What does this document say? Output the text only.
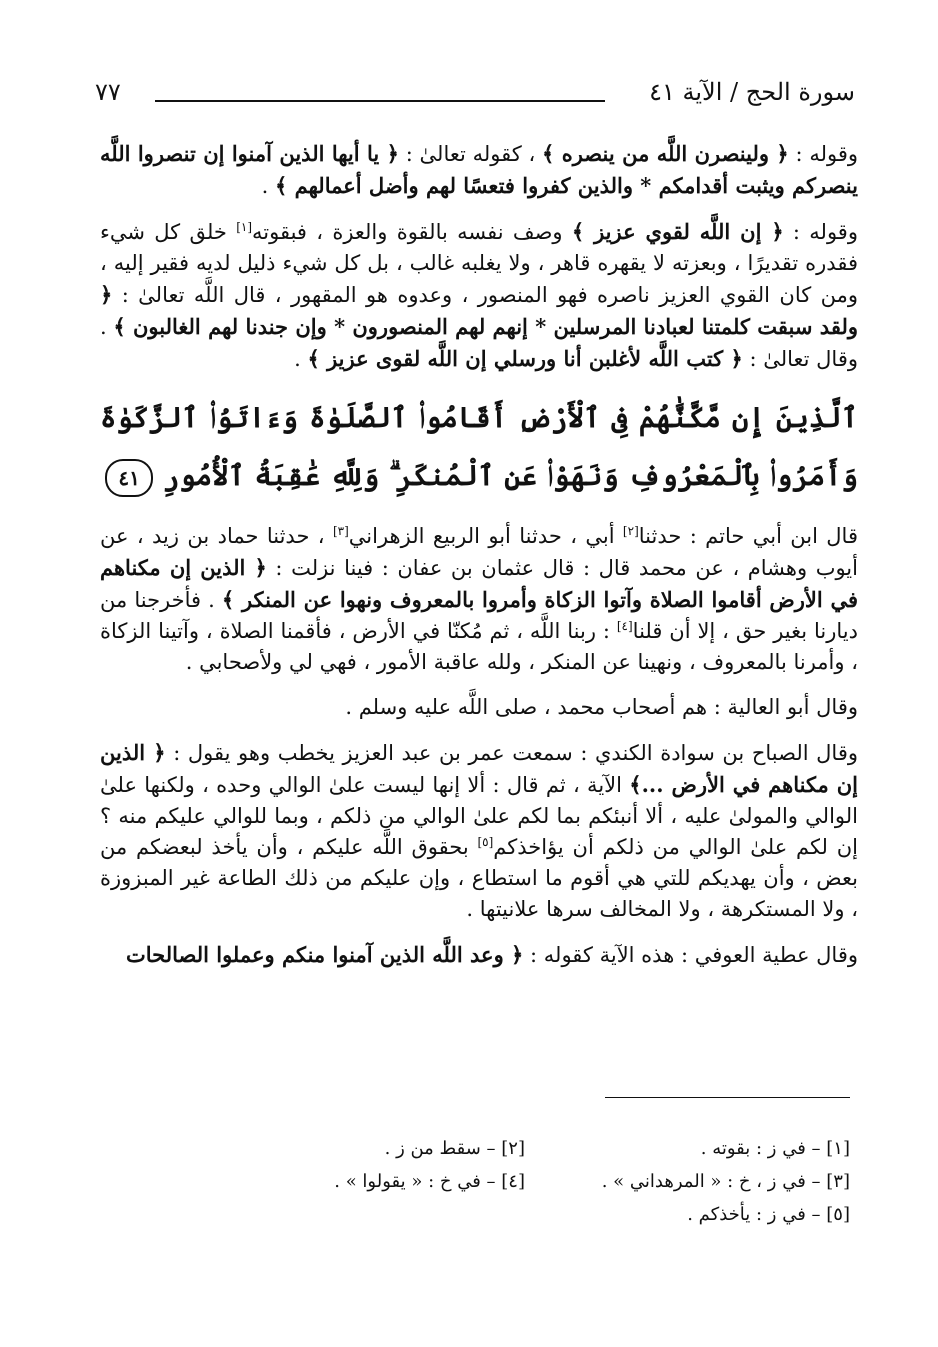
سورة الحج / الآية ٤١
٧٧

وقوله : ﴿ ولينصرن اللَّه من ينصره ﴾ ، كقوله تعالىٰ : ﴿ يا أيها الذين آمنوا إن تنصروا اللَّه ينصركم ويثبت أقدامكم * والذين كفروا فتعسًا لهم وأضل أعمالهم ﴾ .

وقوله : ﴿ إن اللَّه لقوي عزيز ﴾ وصف نفسه بالقوة والعزة ، فبقوته[١] خلق كل شيء فقدره تقديرًا ، وبعزته لا يقهره قاهر ، ولا يغلبه غالب ، بل كل شيء ذليل لديه فقير إليه ، ومن كان القوي العزيز ناصره فهو المنصور ، وعدوه هو المقهور ، قال اللَّه تعالىٰ : ﴿ ولقد سبقت كلمتنا لعبادنا المرسلين * إنهم لهم المنصورون * وإن جندنا لهم الغالبون ﴾ . وقال تعالىٰ : ﴿ كتب اللَّه لأغلبن أنا ورسلي إن اللَّه لقوى عزيز ﴾ .

ٱلَّذِينَ إِن مَّكَّنَّٰهُمْ فِى ٱلْأَرْضِ أَقَامُوا۟ ٱلصَّلَوٰةَ وَءَاتَوُا۟ ٱلزَّكَوٰةَ وَأَمَرُوا۟ بِٱلْمَعْرُوفِ وَنَهَوْا۟ عَنِ ٱلْمُنكَرِ ۗ وَلِلَّهِ عَٰقِبَةُ ٱلْأُمُورِ ٤١

قال ابن أبي حاتم : حدثنا[٢] أبي ، حدثنا أبو الربيع الزهراني[٣] ، حدثنا حماد بن زيد ، عن أيوب وهشام ، عن محمد قال : قال عثمان بن عفان : فينا نزلت : ﴿ الذين إن مكناهم في الأرض أقاموا الصلاة وآتوا الزكاة وأمروا بالمعروف ونهوا عن المنكر ﴾ . فأخرجنا من ديارنا بغير حق ، إلا أن قلنا[٤] : ربنا اللَّه ، ثم مُكنّا في الأرض ، فأقمنا الصلاة ، وآتينا الزكاة ، وأمرنا بالمعروف ، ونهينا عن المنكر ، ولله عاقبة الأمور ، فهي لي ولأصحابي .

وقال أبو العالية : هم أصحاب محمد ، صلى اللَّه عليه وسلم .

وقال الصباح بن سوادة الكندي : سمعت عمر بن عبد العزيز يخطب وهو يقول : ﴿ الذين إن مكناهم في الأرض ...﴾ الآية ، ثم قال : ألا إنها ليست علىٰ الوالي وحده ، ولكنها علىٰ الوالي والمولىٰ عليه ، ألا أنبئكم بما لكم علىٰ الوالي من ذلكم ، وبما للوالي عليكم منه ؟ إن لكم علىٰ الوالي من ذلكم أن يؤاخذكم[٥] بحقوق اللَّه عليكم ، وأن يأخذ لبعضكم من بعض ، وأن يهديكم للتي هي أقوم ما استطاع ، وإن عليكم من ذلك الطاعة غير المبزوزة ، ولا المستكرهة ، ولا المخالف سرها علانيتها .

وقال عطية العوفي : هذه الآية كقوله : ﴿ وعد اللَّه الذين آمنوا منكم وعملوا الصالحات

[١] – في ز : بقوته .
[٢] – سقط من ز .
[٣] – في ز ، خ : « المرهداني » .
[٤] – في خ : « يقولوا » .
[٥] – في ز : يأخذكم .
